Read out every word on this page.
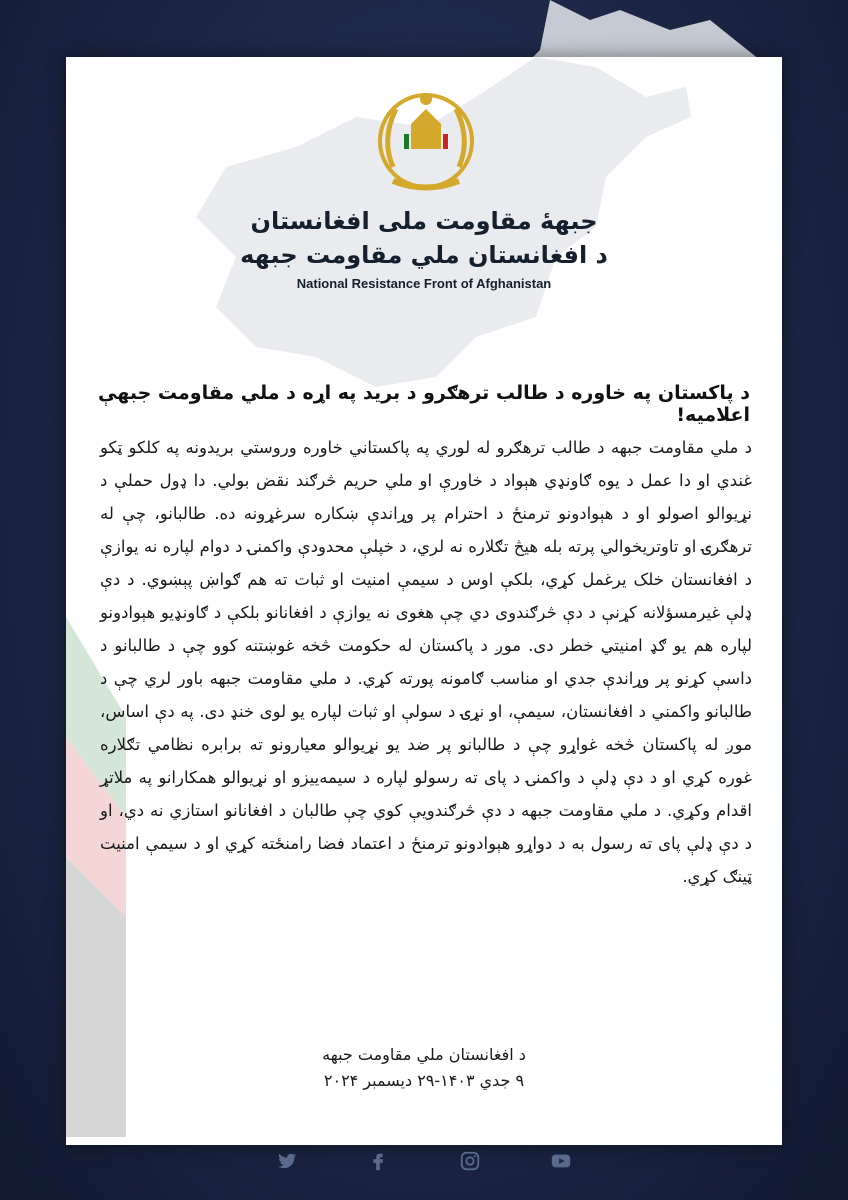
جبههٔ مقاومت ملی افغانستان
د افغانستان ملي مقاومت جبهه
National Resistance Front of Afghanistan
د پاکستان په خاوره د طالب ترهګرو د برید په اړه د ملي مقاومت جبهې اعلامیه!
د ملي مقاومت جبهه د طالب ترهګرو له لوري په پاکستاني خاوره وروستي بریدونه په کلکو ټکو غندي او دا عمل د یوه ګاونډي هېواد د خاورې او ملي حریم څرګند نقض بولي. دا ډول حملې د نړیوالو اصولو او د هېوادونو ترمنځ د احترام پر وړاندې ښکاره سرغړونه ده. طالبانو، چې له ترهګرۍ او تاوتریخوالي پرته بله هیڅ تګلاره نه لري، د خپلې محدودې واکمنۍ د دوام لپاره نه یوازې د افغانستان خلک یرغمل کړي، بلکې اوس د سیمې امنیت او ثبات ته هم ګواښ پېښوي. د دې ډلې غیرمسؤلانه کړنې د دې څرګندوی دي چې هغوی نه یوازې د افغانانو بلکې د ګاونډیو هېوادونو لپاره هم یو ګډ امنیتي خطر دی. موږ د پاکستان له حکومت څخه غوښتنه کوو چې د طالبانو د داسې کړنو پر وړاندې جدي او مناسب ګامونه پورته کړي. د ملي مقاومت جبهه باور لري چې د طالبانو واکمني د افغانستان، سیمې، او نړۍ د سولې او ثبات لپاره یو لوی خنډ دی. په دې اساس، موږ له پاکستان څخه غواړو چې د طالبانو پر ضد یو نړیوالو معیارونو ته برابره نظامي تګلاره غوره کړي او د دې ډلې د واکمنۍ د پای ته رسولو لپاره د سیمه‌ییزو او نړیوالو همکارانو په ملاتړ اقدام وکړي. د ملي مقاومت جبهه د دې څرګندویې کوي چې طالبان د افغانانو استازي نه دي، او د دې ډلې پای ته رسول به د دواړو هېوادونو ترمنځ د اعتماد فضا رامنځته کړي او د سیمې امنیت ټینګ کړي.
د افغانستان ملي مقاومت جبهه
۹ جدي ۱۴۰۳-۲۹ دیسمبر ۲۰۲۴
